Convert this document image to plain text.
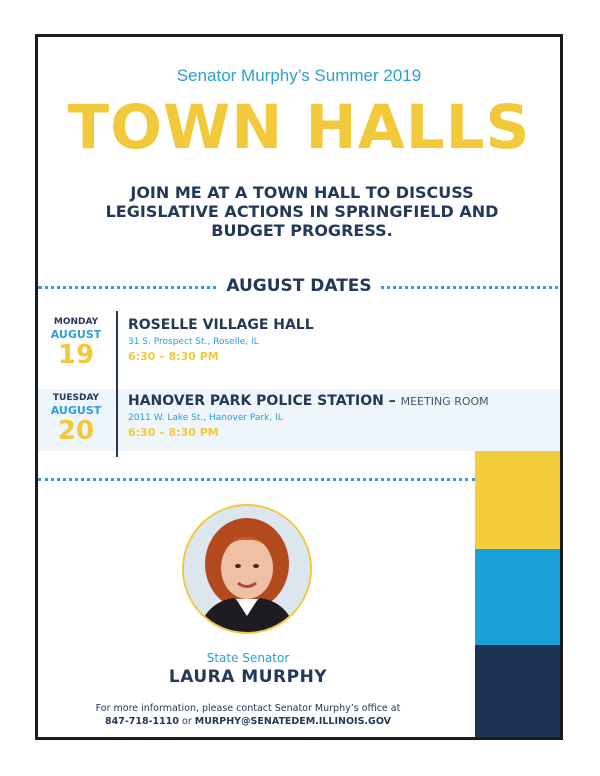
Senator Murphy’s Summer 2019
TOWN HALLS
JOIN ME AT A TOWN HALL TO DISCUSS LEGISLATIVE ACTIONS IN SPRINGFIELD AND BUDGET PROGRESS.
AUGUST DATES
MONDAY
AUGUST
19
ROSELLE VILLAGE HALL
31 S. Prospect St., Roselle, IL
6:30 – 8:30 PM
TUESDAY
AUGUST
20
HANOVER PARK POLICE STATION – MEETING ROOM
2011 W. Lake St., Hanover Park, IL
6:30 – 8:30 PM
State Senator
LAURA MURPHY
For more information, please contact Senator Murphy’s office at
847-718-1110 or MURPHY@SENATEDEM.ILLINOIS.GOV
